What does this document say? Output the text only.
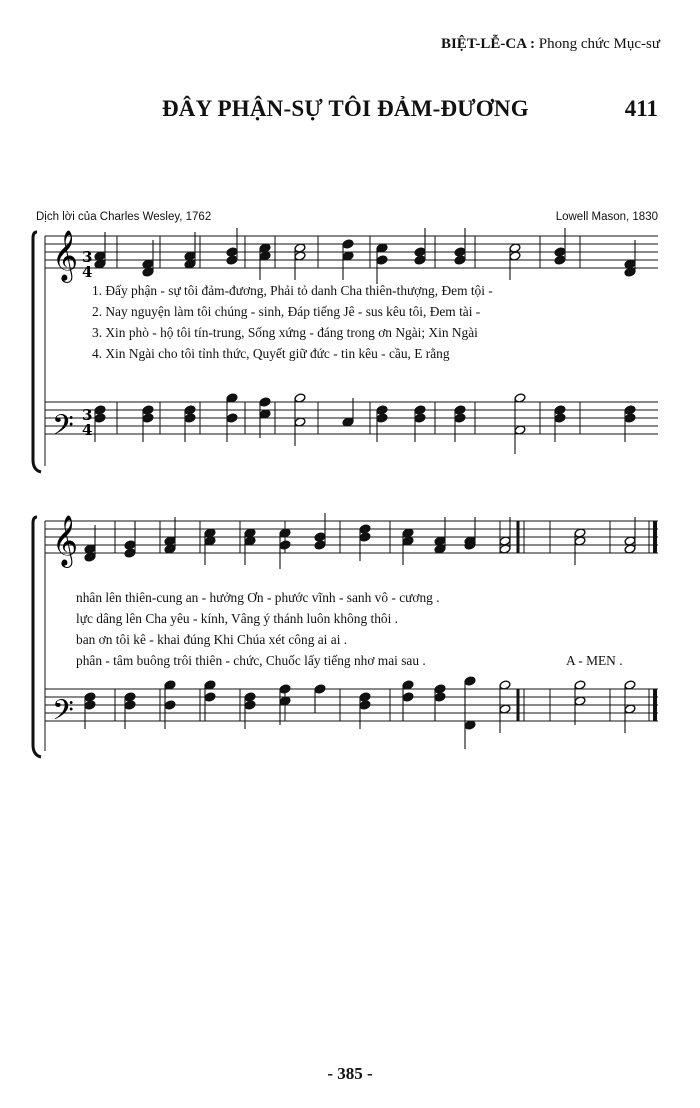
BIỆT-LỄ-CA : Phong chức Mục-sư
ĐÂY PHẬN-SỰ TÔI ĐẢM-ĐƯƠNG	411
Dịch lời của Charles Wesley, 1762	Lowell Mason, 1830
𝄞
𝄢
𝄞
𝄢
3
4
3
4
1. Đấy phận - sự tôi đảm-đương, Phải tỏ danh Cha thiên-thượng, Đem tội -
2. Nay nguyện làm tôi chúng - sinh, Đáp tiếng Jê - sus kêu tôi, Đem tài -
3. Xin phò - hộ tôi tín-trung, Sống xứng - đáng trong ơn Ngài; Xin Ngài
4. Xin Ngài cho tôi tỉnh thức, Quyết giữ đức - tin kêu - cầu, E rằng
nhân lên thiên-cung an - hưởng Ơn - phước vĩnh - sanh vô - cương .
lực dâng lên Cha yêu - kính, Vâng ý thánh luôn không thôi .
ban ơn tôi kê - khai đúng Khi Chúa xét công ai ai .
phân - tâm buông trôi thiên - chức, Chuốc lấy tiếng nhơ mai sau .	A - MEN .
- 385 -
